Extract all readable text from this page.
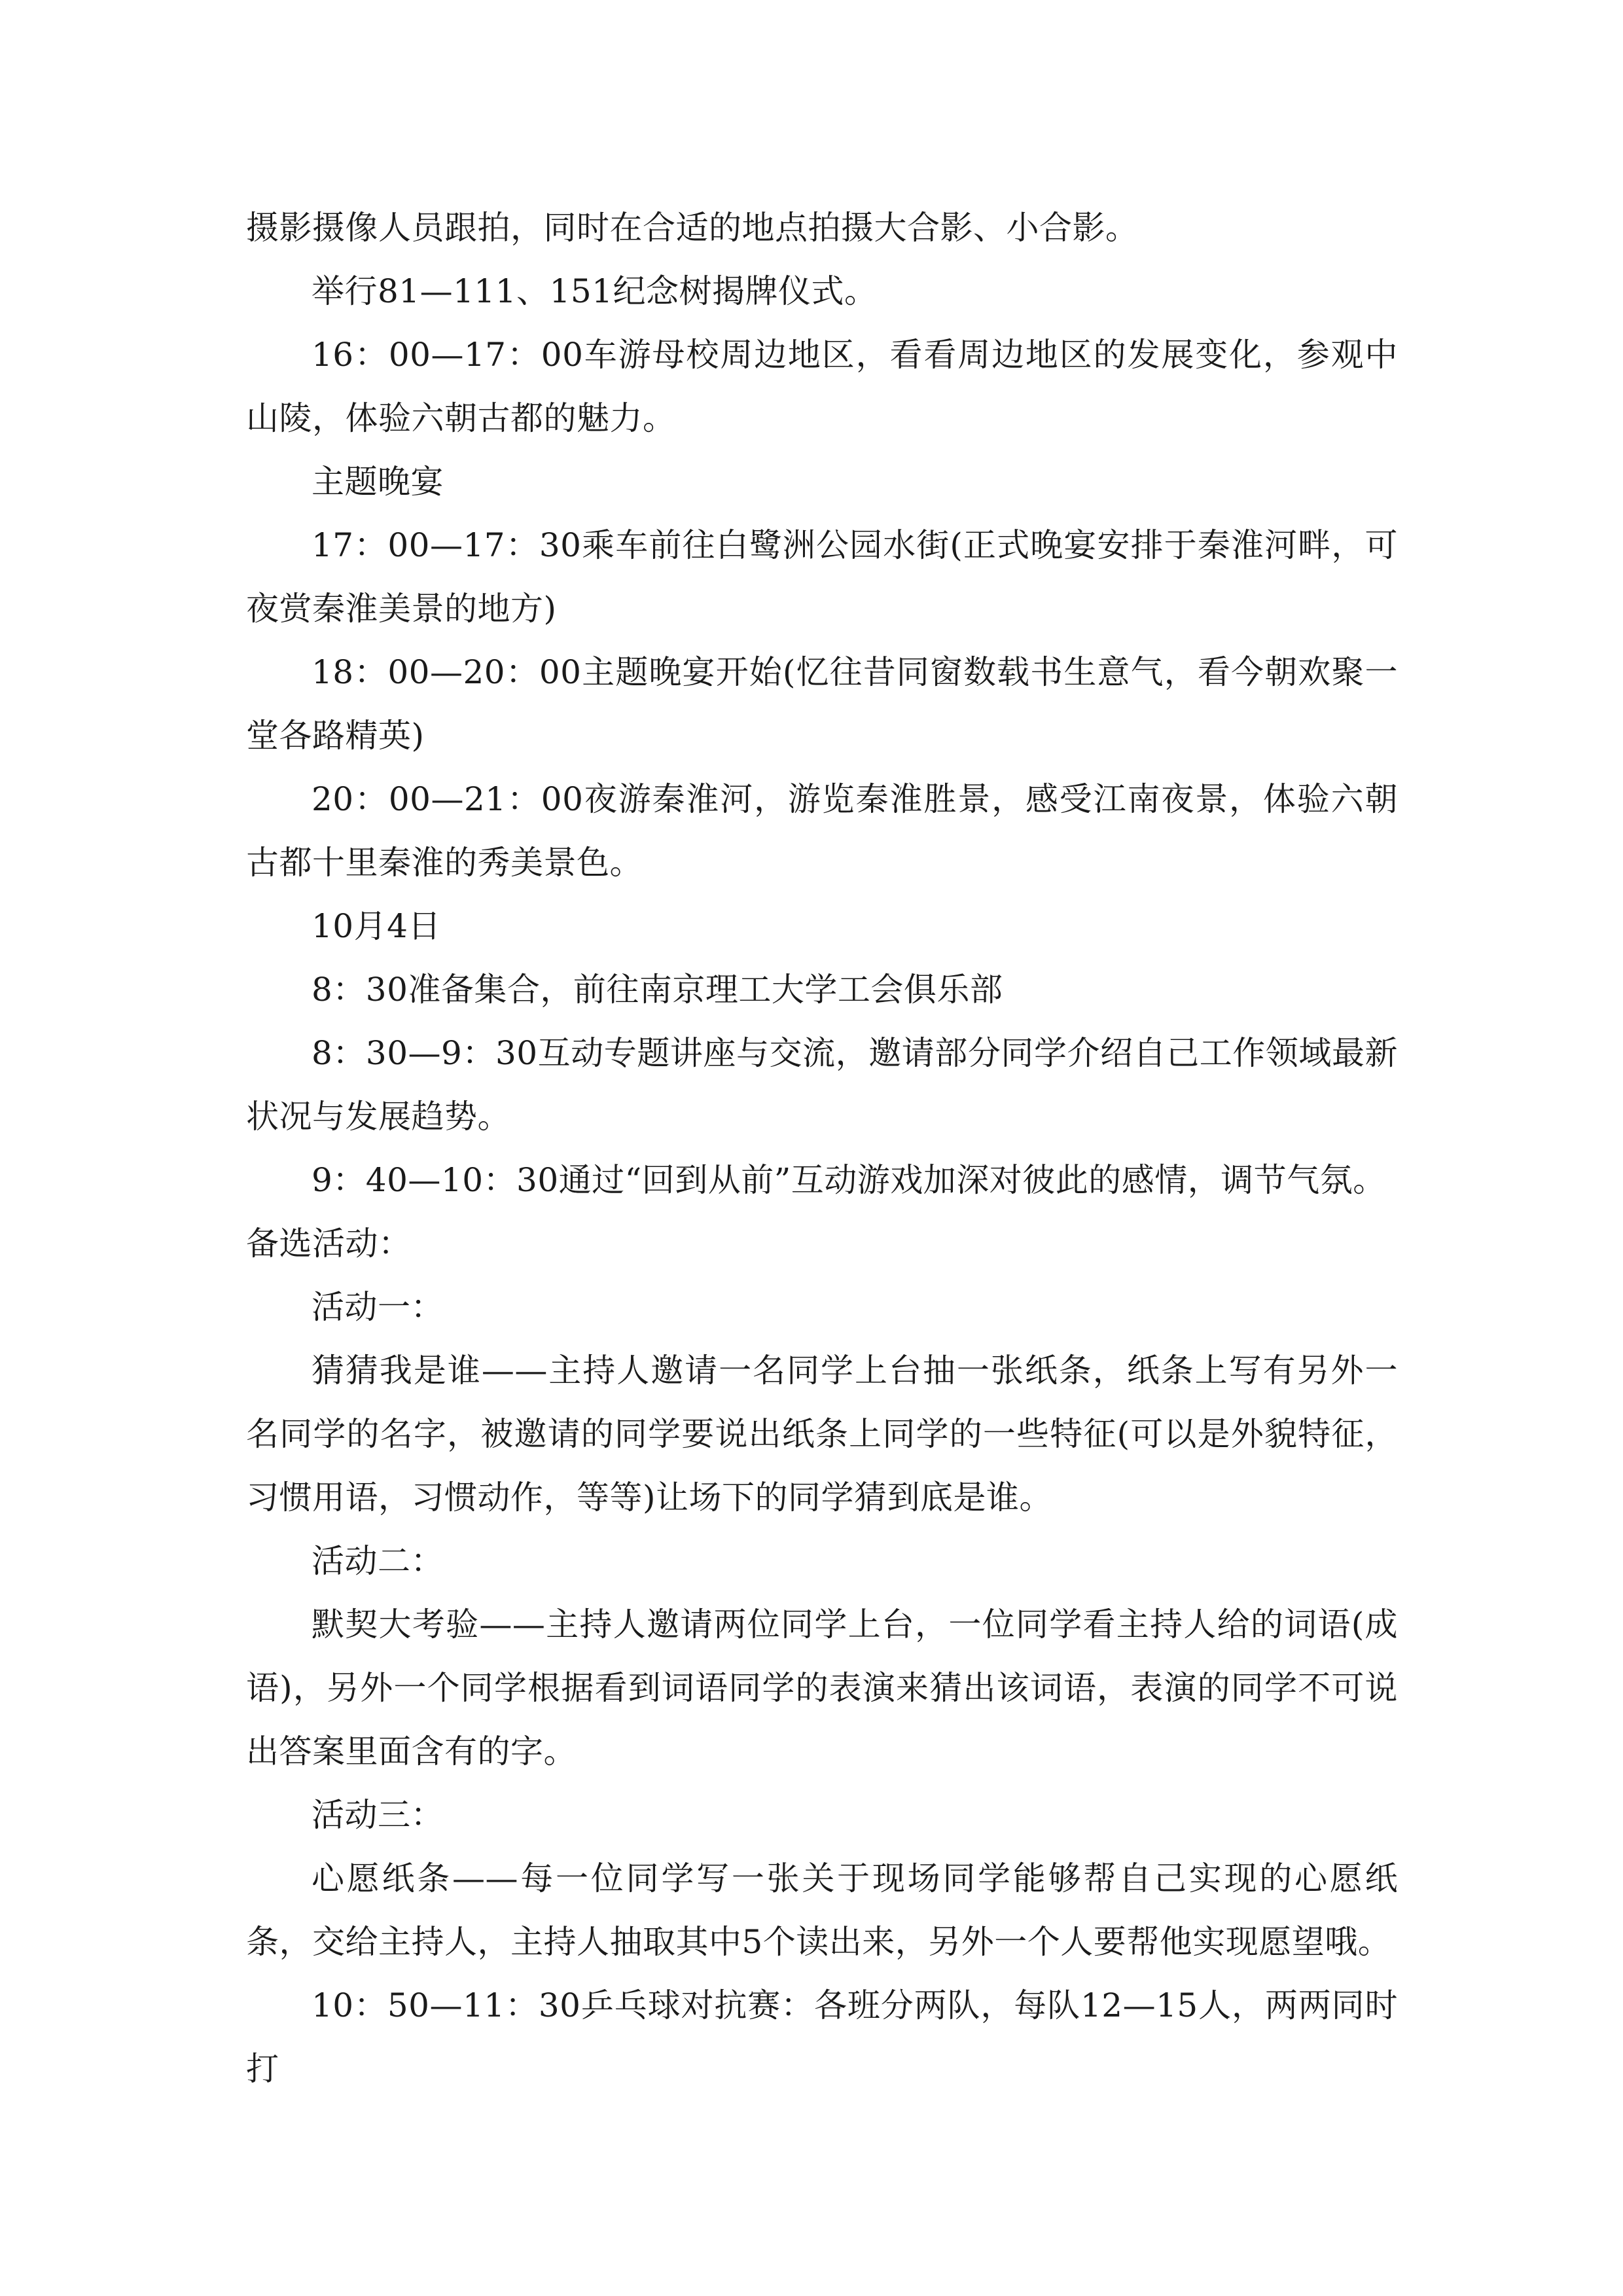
摄影摄像人员跟拍，同时在合适的地点拍摄大合影、小合影。

举行81—111、151纪念树揭牌仪式。

16：00—17：00车游母校周边地区，看看周边地区的发展变化，参观中山陵，体验六朝古都的魅力。

主题晚宴

17：00—17：30乘车前往白鹭洲公园水街(正式晚宴安排于秦淮河畔，可夜赏秦淮美景的地方)

18：00—20：00主题晚宴开始(忆往昔同窗数载书生意气，看今朝欢聚一堂各路精英)

20：00—21：00夜游秦淮河，游览秦淮胜景，感受江南夜景，体验六朝古都十里秦淮的秀美景色。

10月4日

8：30准备集合，前往南京理工大学工会俱乐部

8：30—9：30互动专题讲座与交流，邀请部分同学介绍自己工作领域最新状况与发展趋势。

9：40—10：30通过“回到从前”互动游戏加深对彼此的感情，调节气氛。

备选活动：

活动一：

猜猜我是谁——主持人邀请一名同学上台抽一张纸条，纸条上写有另外一名同学的名字，被邀请的同学要说出纸条上同学的一些特征(可以是外貌特征，习惯用语，习惯动作，等等)让场下的同学猜到底是谁。

活动二：

默契大考验——主持人邀请两位同学上台，一位同学看主持人给的词语(成语)，另外一个同学根据看到词语同学的表演来猜出该词语，表演的同学不可说出答案里面含有的字。

活动三：

心愿纸条——每一位同学写一张关于现场同学能够帮自己实现的心愿纸条，交给主持人，主持人抽取其中5个读出来，另外一个人要帮他实现愿望哦。

10：50—11：30乒乓球对抗赛：各班分两队，每队12—15人，两两同时打
